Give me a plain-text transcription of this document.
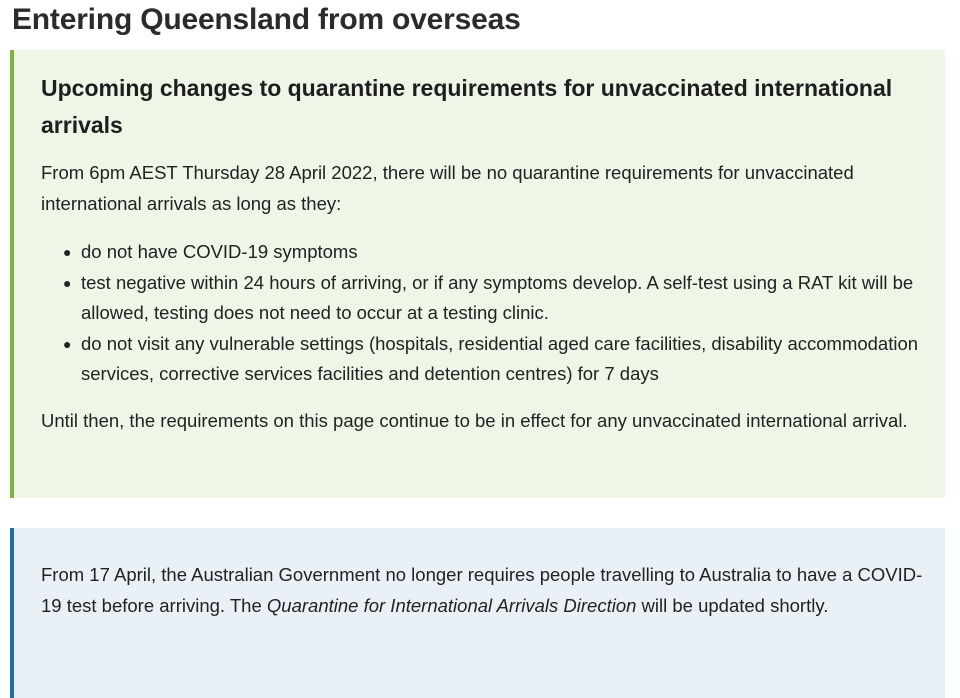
Entering Queensland from overseas
Upcoming changes to quarantine requirements for unvaccinated international arrivals

From 6pm AEST Thursday 28 April 2022, there will be no quarantine requirements for unvaccinated international arrivals as long as they:

● do not have COVID-19 symptoms
● test negative within 24 hours of arriving, or if any symptoms develop. A self-test using a RAT kit will be allowed, testing does not need to occur at a testing clinic.
● do not visit any vulnerable settings (hospitals, residential aged care facilities, disability accommodation services, corrective services facilities and detention centres) for 7 days

Until then, the requirements on this page continue to be in effect for any unvaccinated international arrival.

From 17 April, the Australian Government no longer requires people travelling to Australia to have a COVID-19 test before arriving. The Quarantine for International Arrivals Direction will be updated shortly.
